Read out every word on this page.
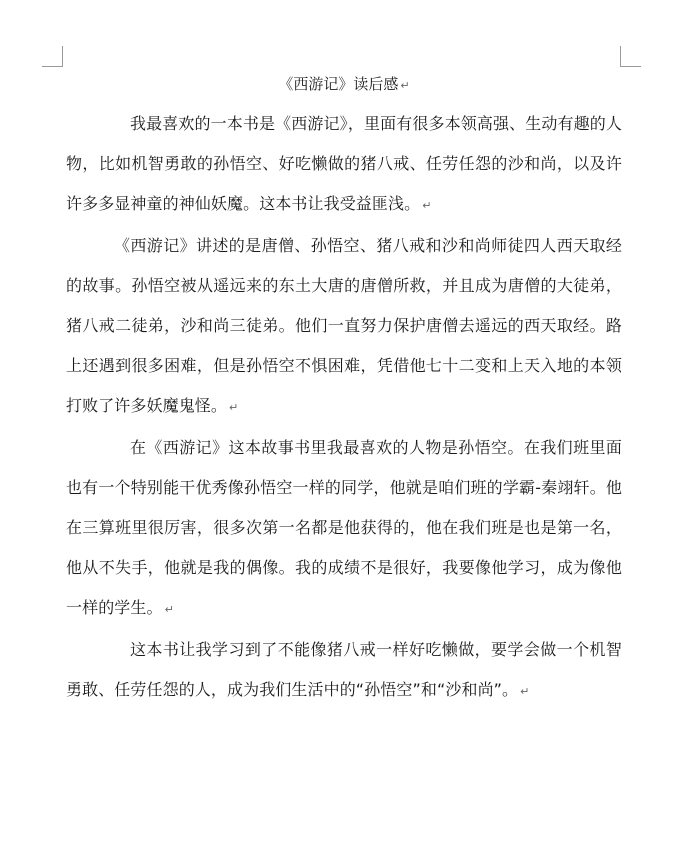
《西游记》读后感 ↵

我最喜欢的一本书是《西游记》，里面有很多本领高强、生动有趣的人物，比如机智勇敢的孙悟空、好吃懒做的猪八戒、任劳任怨的沙和尚，以及许许多多显神童的神仙妖魔。这本书让我受益匪浅。 ↵

《西游记》讲述的是唐僧、孙悟空、猪八戒和沙和尚师徒四人西天取经的故事。孙悟空被从遥远来的东土大唐的唐僧所救，并且成为唐僧的大徒弟，猪八戒二徒弟，沙和尚三徒弟。他们一直努力保护唐僧去遥远的西天取经。路上还遇到很多困难，但是孙悟空不惧困难，凭借他七十二变和上天入地的本领打败了许多妖魔鬼怪。 ↵

在《西游记》这本故事书里我最喜欢的人物是孙悟空。在我们班里面也有一个特别能干优秀像孙悟空一样的同学，他就是咱们班的学霸-秦翊轩。他在三算班里很厉害，很多次第一名都是他获得的，他在我们班是也是第一名，他从不失手，他就是我的偶像。我的成绩不是很好，我要像他学习，成为像他一样的学生。 ↵

这本书让我学习到了不能像猪八戒一样好吃懒做，要学会做一个机智勇敢、任劳任怨的人，成为我们生活中的“孙悟空”和“沙和尚”。 ↵
